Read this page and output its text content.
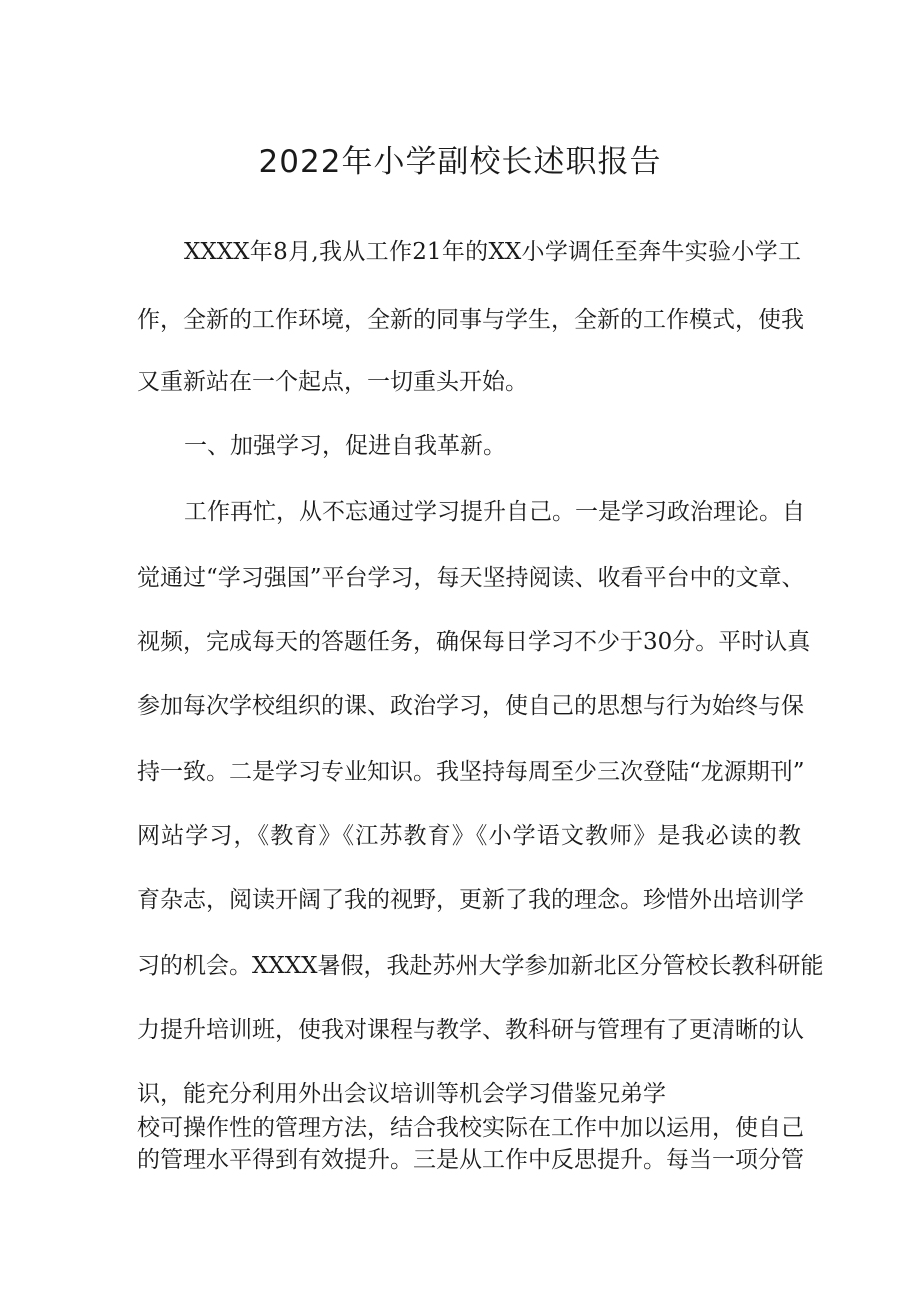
2022年小学副校长述职报告
XXXX年8月,我从工作21年的XX小学调任至奔牛实验小学工
作，全新的工作环境，全新的同事与学生，全新的工作模式，使我
又重新站在一个起点，一切重头开始。
一、加强学习，促进自我革新。
工作再忙，从不忘通过学习提升自己。一是学习政治理论。自
觉通过“学习强国”平台学习，每天坚持阅读、收看平台中的文章、
视频，完成每天的答题任务，确保每日学习不少于30分。平时认真
参加每次学校组织的课、政治学习，使自己的思想与行为始终与保
持一致。二是学习专业知识。我坚持每周至少三次登陆“龙源期刊”
网站学习，《教育》《江苏教育》《小学语文教师》是我必读的教
育杂志，阅读开阔了我的视野，更新了我的理念。珍惜外出培训学
习的机会。XXXX暑假，我赴苏州大学参加新北区分管校长教科研能
力提升培训班，使我对课程与教学、教科研与管理有了更清晰的认
识，能充分利用外出会议培训等机会学习借鉴兄弟学
校可操作性的管理方法，结合我校实际在工作中加以运用，使自己
的管理水平得到有效提升。三是从工作中反思提升。每当一项分管
